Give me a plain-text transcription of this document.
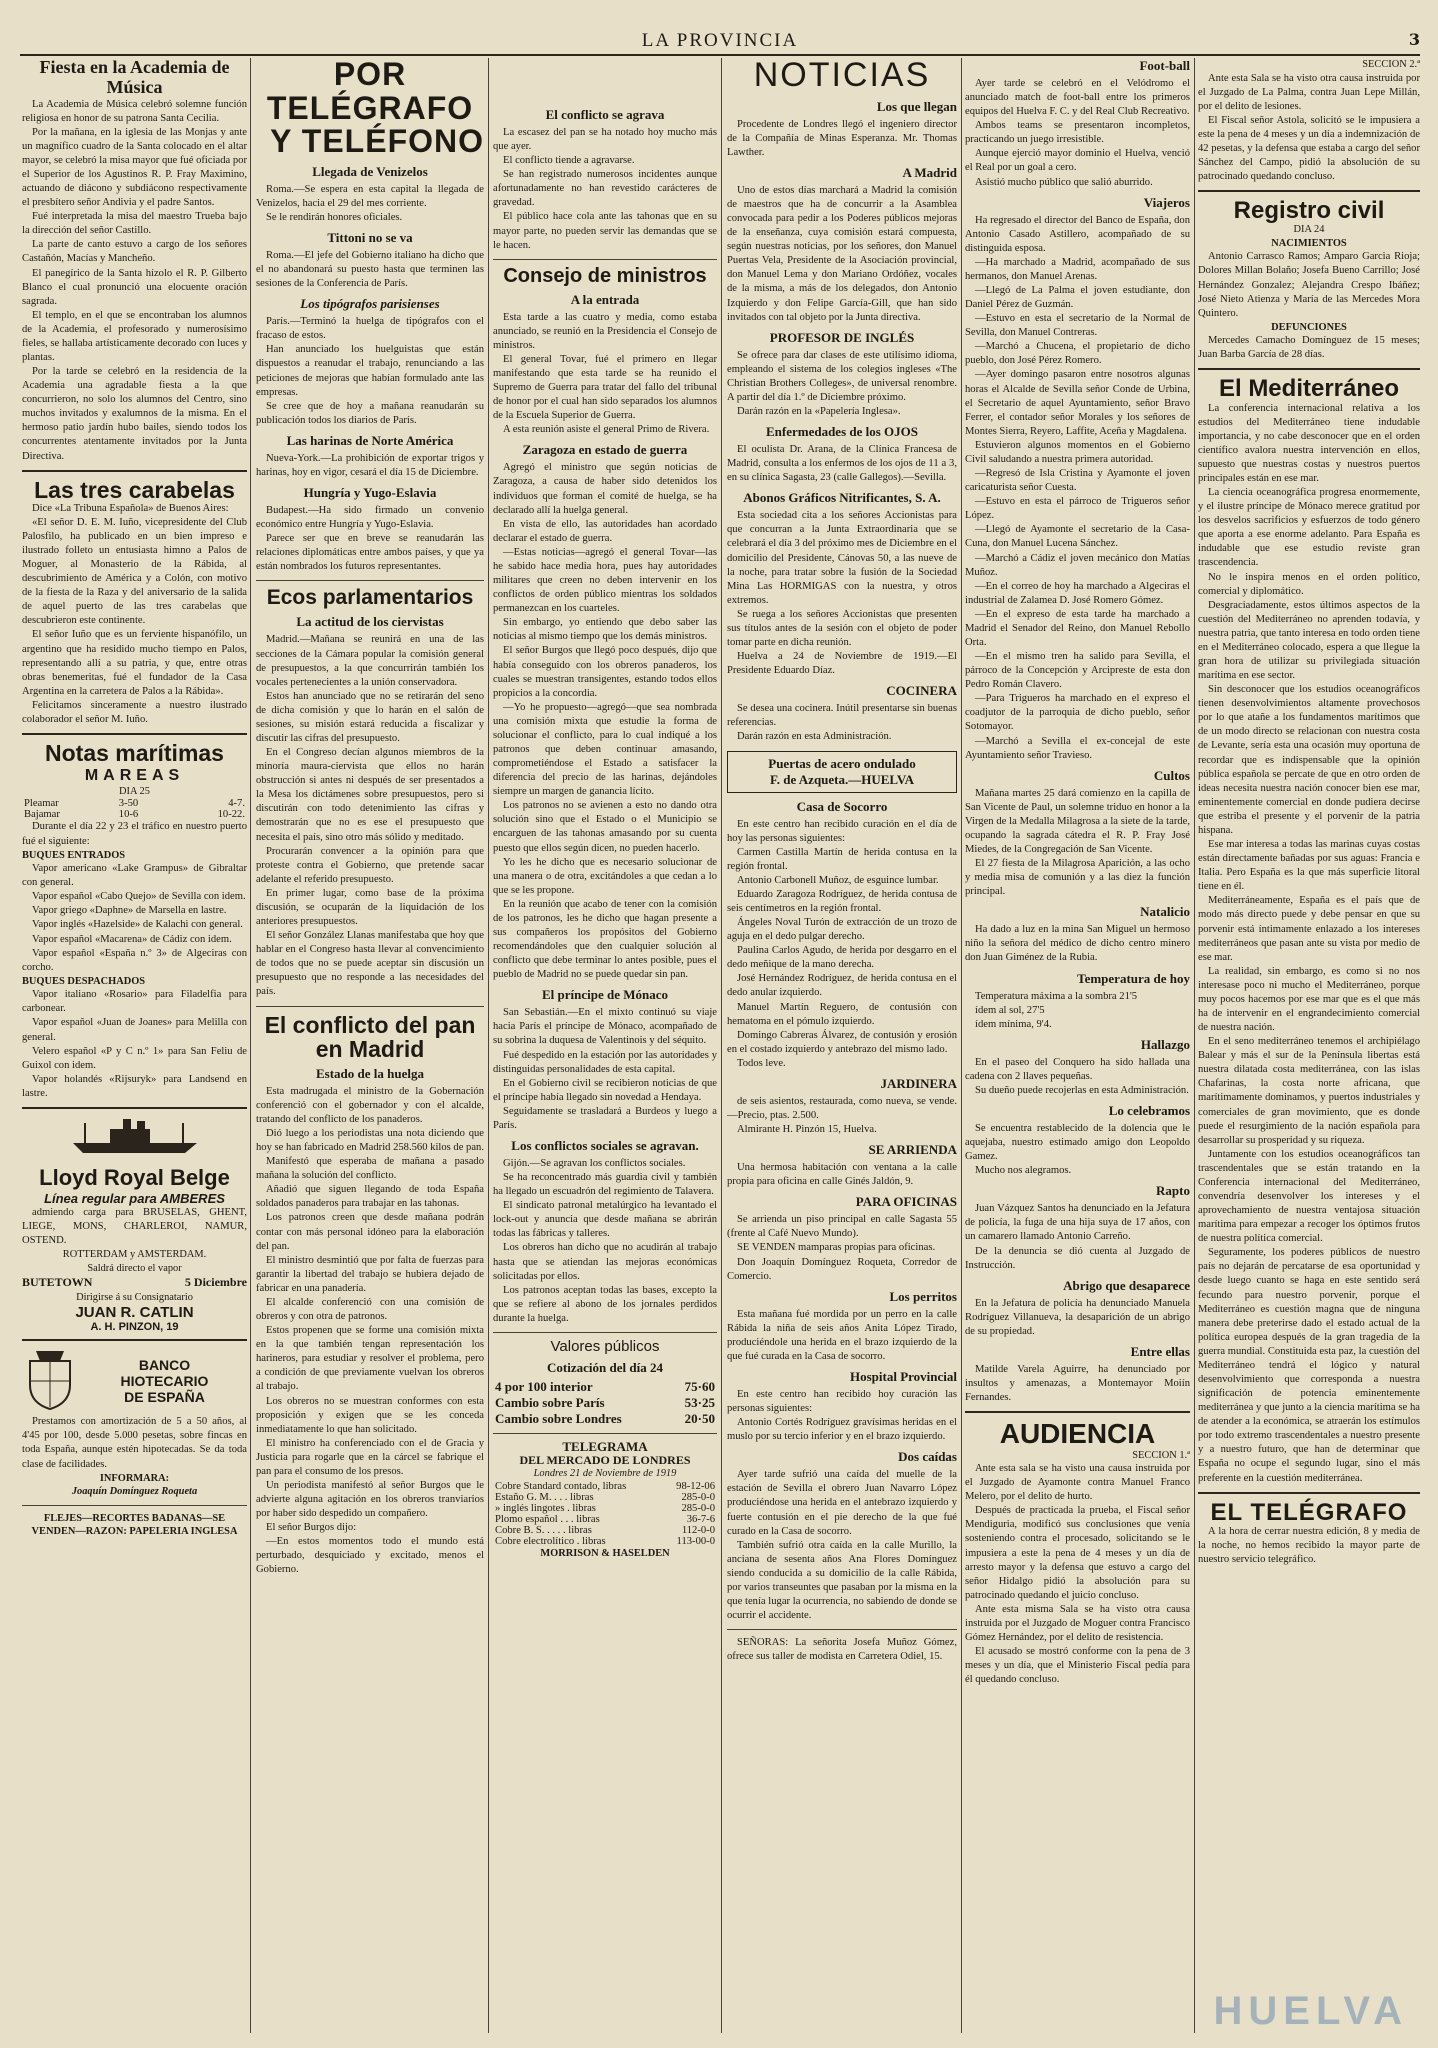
LA PROVINCIA	3
Fiesta en la Academia de Música

La Academia de Música celebró solemne función religiosa en honor de su patrona Santa Cecilia.

Por la mañana, en la iglesia de las Monjas y ante un magnífico cuadro de la Santa colocado en el altar mayor, se celebró la misa mayor que fué oficiada por el Superior de los Agustinos R. P. Fray Maximino, actuando de diácono y subdiácono respectivamente el presbítero señor Andivia y el padre Santos.

Fué interpretada la misa del maestro Trueba bajo la dirección del señor Castillo.

La parte de canto estuvo a cargo de los señores Castañón, Macías y Mancheño.

El panegírico de la Santa hízolo el R. P. Gilberto Blanco el cual pronunció una elocuente oración sagrada.

El templo, en el que se encontraban los alumnos de la Academia, el profesorado y numerosísimo fieles, se hallaba artísticamente decorado con luces y plantas.

Por la tarde se celebró en la residencia de la Academia una agradable fiesta a la que concurrieron, no solo los alumnos del Centro, sino muchos invitados y exalumnos de la misma. En el hermoso patio jardín hubo bailes, siendo todos los concurrentes atentamente invitados por la Junta Directiva.

Las tres carabelas

Dice «La Tribuna Española» de Buenos Aires:

«El señor D. E. M. Iuño, vicepresidente del Club Palosfilo, ha publicado en un bien impreso e ilustrado folleto un entusiasta himno a Palos de Moguer, al Monasterio de la Rábida, al descubrimiento de América y a Colón, con motivo de la fiesta de la Raza y del aniversario de la salida de aquel puerto de las tres carabelas que descubrieron este continente.

El señor Iuño que es un ferviente hispanófilo, un argentino que ha residido mucho tiempo en Palos, representando allí a su patria, y que, entre otras obras benemeritas, fué el fundador de la Casa Argentina en la carretera de Palos a la Rábida».

Felicitamos sinceramente a nuestro ilustrado colaborador el señor M. Iuño.

Notas marítimas
MAREAS
DIA 25
Pleamar	3-50	4-7.
Bajamar	10-6	10-22.

Durante el día 22 y 23 el tráfico en nuestro puerto fué el siguiente:

BUQUES ENTRADOS

Vapor americano «Lake Grampus» de Gibraltar con general.

Vapor español «Cabo Quejo» de Sevilla con idem.

Vapor griego «Daphne» de Marsella en lastre.

Vapor inglés «Hazelside» de Kalachi con general.

Vapor español «Macarena» de Cádiz con idem.

Vapor español «España n.º 3» de Algeciras con corcho.

BUQUES DESPACHADOS

Vapor italiano «Rosario» para Filadelfia para carbonear.

Vapor español «Juan de Joanes» para Melilla con general.

Velero español «P y C n.º 1» para San Feliu de Guixol con idem.

Vapor holandés «Rijsuryk» para Landsend en lastre.

Lloyd Royal Belge
Línea regular para AMBERES

admiendo carga para BRUSELAS, GHENT, LIEGE, MONS, CHARLEROI, NAMUR, OSTEND.

ROTTERDAM y AMSTERDAM.
Saldrá directo el vapor
BUTETOWN	5 Diciembre
Dirigirse á su Consignatario
JUAN R. CATLIN
A. H. PINZON, 19
BANCO
HIOTECARIO
DE ESPAÑA

Prestamos con amortización de 5 a 50 años, al 4'45 por 100, desde 5.000 pesetas, sobre fincas en toda España, aunque estén hipotecadas. Se da toda clase de facilidades.

INFORMARA:
Joaquín Domínguez Roqueta
FLEJES—RECORTES BADANAS—SE VENDEN—RAZON: PAPELERIA INGLESA
POR TELÉGRAFO
Y TELÉFONO
Llegada de Venizelos

Roma.—Se espera en esta capital la llegada de Venizelos, hacia el 29 del mes corriente.

Se le rendirán honores oficiales.

Tittoni no se va

Roma.—El jefe del Gobierno italiano ha dicho que el no abandonará su puesto hasta que terminen las sesiones de la Conferencia de París.

Los tipógrafos parisienses

París.—Terminó la huelga de tipógrafos con el fracaso de estos.

Han anunciado los huelguistas que están dispuestos a reanudar el trabajo, renunciando a las peticiones de mejoras que habían formulado ante las empresas.

Se cree que de hoy a mañana reanudarán su publicación todos los diarios de París.

Las harinas de Norte América

Nueva-York.—La prohibición de exportar trigos y harinas, hoy en vigor, cesará el día 15 de Diciembre.

Hungría y Yugo-Eslavia

Budapest.—Ha sido firmado un convenio económico entre Hungría y Yugo-Eslavia.

Parece ser que en breve se reanudarán las relaciones diplomáticas entre ambos países, y que ya están nombrados los futuros representantes.

Ecos parlamentarios
La actitud de los ciervistas

Madrid.—Mañana se reunirá en una de las secciones de la Cámara popular la comisión general de presupuestos, a la que concurrirán también los vocales pertenecientes a la unión conservadora.

Estos han anunciado que no se retirarán del seno de dicha comisión y que lo harán en el salón de sesiones, su misión estará reducida a fiscalizar y discutir las cifras del presupuesto.

En el Congreso decían algunos miembros de la minoría maura-ciervista que ellos no harán obstrucción si antes ni después de ser presentados a la Mesa los dictámenes sobre presupuestos, pero si discutirán con todo detenimiento las cifras y demostrarán que no es ese el presupuesto que necesita el país, sino otro más sólido y meditado.

Procurarán convencer a la opinión para que proteste contra el Gobierno, que pretende sacar adelante el referido presupuesto.

En primer lugar, como base de la próxima discusión, se ocuparán de la liquidación de los anteriores presupuestos.

El señor González Llanas manifestaba que hoy que hablar en el Congreso hasta llevar al convencimiento de todos que no se puede aceptar sin discusión un presupuesto que no responde a las necesidades del país.

El conflicto del pan en Madrid
Estado de la huelga

Esta madrugada el ministro de la Gobernación conferenció con el gobernador y con el alcalde, tratando del conflicto de los panaderos.

Dió luego a los periodistas una nota diciendo que hoy se han fabricado en Madrid 258.560 kilos de pan.

Manifestó que esperaba de mañana a pasado mañana la solución del conflicto.

Añadió que siguen llegando de toda España soldados panaderos para trabajar en las tahonas.

Los patronos creen que desde mañana podrán contar con más personal idóneo para la elaboración del pan.

El ministro desmintió que por falta de fuerzas para garantir la libertad del trabajo se hubiera dejado de fabricar en una panadería.

El alcalde conferenció con una comisión de obreros y con otra de patronos.

Estos propenen que se forme una comisión mixta en la que también tengan representación los harineros, para estudiar y resolver el problema, pero a condición de que previamente vuelvan los obreros al trabajo.

Los obreros no se muestran conformes con esta proposición y exigen que se les conceda inmediatamente lo que han solicitado.

El ministro ha conferenciado con el de Gracia y Justicia para rogarle que en la cárcel se fabrique el pan para el consumo de los presos.

Un periodista manifestó al señor Burgos que le advierte alguna agitación en los obreros tranviarios por haber sido despedido un compañero.

El señor Burgos dijo:

—En estos momentos todo el mundo está perturbado, desquiciado y excitado, menos el Gobierno.

El conflicto se agrava

La escasez del pan se ha notado hoy mucho más que ayer.

El conflicto tiende a agravarse.

Se han registrado numerosos incidentes aunque afortunadamente no han revestido carácteres de gravedad.

El público hace cola ante las tahonas que en su mayor parte, no pueden servir las demandas que se le hacen.

Consejo de ministros
A la entrada

Esta tarde a las cuatro y media, como estaba anunciado, se reunió en la Presidencia el Consejo de ministros.

El general Tovar, fué el primero en llegar manifestando que esta tarde se ha reunido el Supremo de Guerra para tratar del fallo del tribunal de honor por el cual han sido separados los alumnos de la Escuela Superior de Guerra.

A esta reunión asiste el general Primo de Rivera.

Zaragoza en estado de guerra

Agregó el ministro que según noticias de Zaragoza, a causa de haber sido detenidos los individuos que forman el comité de huelga, se ha declarado allí la huelga general.

En vista de ello, las autoridades han acordado declarar el estado de guerra.

—Estas noticias—agregó el general Tovar—las he sabido hace media hora, pues hay autoridades militares que creen no deben intervenir en los conflictos de orden público mientras los soldados permanezcan en los cuarteles.

Sin embargo, yo entiendo que debo saber las noticias al mismo tiempo que los demás ministros.

El señor Burgos que llegó poco después, dijo que había conseguido con los obreros panaderos, los cuales se muestran transigentes, estando todos ellos propicios a la concordia.

—Yo he propuesto—agregó—que sea nombrada una comisión mixta que estudie la forma de solucionar el conflicto, para lo cual indiqué a los patronos que deben continuar amasando, comprometiéndose el Estado a satisfacer la diferencia del precio de las harinas, dejándoles siempre un margen de ganancia lícito.

Los patronos no se avienen a esto no dando otra solución sino que el Estado o el Municipio se encarguen de las tahonas amasando por su cuenta puesto que ellos según dicen, no pueden hacerlo.

Yo les he dicho que es necesario solucionar de una manera o de otra, excitándoles a que cedan a lo que se les propone.

En la reunión que acabo de tener con la comisión de los patronos, les he dicho que hagan presente a sus compañeros los propósitos del Gobierno recomendándoles que den cualquier solución al conflicto que debe terminar lo antes posible, pues el pueblo de Madrid no se puede quedar sin pan.

El príncipe de Mónaco

San Sebastián.—En el mixto continuó su viaje hacia París el príncipe de Mónaco, acompañado de su sobrina la duquesa de Valentinois y del séquito.

Fué despedido en la estación por las autoridades y distinguidas personalidades de esta capital.

En el Gobierno civil se recibieron noticias de que el príncipe había llegado sin novedad a Hendaya.

Seguidamente se trasladará a Burdeos y luego a París.

Los conflictos sociales se agravan.

Gijón.—Se agravan los conflictos sociales.

Se ha reconcentrado más guardia civil y también ha llegado un escuadrón del regimiento de Talavera.

El sindicato patronal metalúrgico ha levantado el lock-out y anuncia que desde mañana se abrirán todas las fábricas y talleres.

Los obreros han dicho que no acudirán al trabajo hasta que se atiendan las mejoras económicas solicitadas por ellos.

Los patronos aceptan todas las bases, excepto la que se refiere al abono de los jornales perdidos durante la huelga.

Valores públicos
Cotización del día 24
4 por 100 interior	75·60
Cambio sobre París	53·25
Cambio sobre Londres	20·50
TELEGRAMA
DEL MERCADO DE LONDRES
Londres 21 de Noviembre de 1919
Cobre Standard contado, libras	98-12-06
Estaño G. M. . . . libras	285-0-0
» inglés lingotes . libras	285-0-0
Plomo español . . . libras	36-7-6
Cobre B. S. . . . . libras	112-0-0
Cobre electrolítico . libras	113-00-0
MORRISON & HASELDEN
NOTICIAS
Los que llegan

Procedente de Londres llegó el ingeniero director de la Compañía de Minas Esperanza. Mr. Thomas Lawther.

A Madrid

Uno de estos días marchará a Madrid la comisión de maestros que ha de concurrir a la Asamblea convocada para pedir a los Poderes públicos mejoras de la enseñanza, cuya comisión estará compuesta, según nuestras noticias, por los señores, don Manuel Puertas Vela, Presidente de la Asociación provincial, don Manuel Lema y don Mariano Ordóñez, vocales de la misma, a más de los delegados, don Antonio Izquierdo y don Felipe García-Gill, que han sido invitados con tal objeto por la Junta directiva.

PROFESOR DE INGLÉS

Se ofrece para dar clases de este utilísimo idioma, empleando el sistema de los colegios ingleses «The Christian Brothers Colleges», de universal renombre. A partir del día 1.º de Diciembre próximo.

Darán razón en la «Papelería Inglesa».

Enfermedades de los OJOS

El oculista Dr. Arana, de la Clínica Francesa de Madrid, consulta a los enfermos de los ojos de 11 a 3, en su clínica Sagasta, 23 (calle Gallegos).—Sevilla.

Abonos Gráficos Nitrificantes, S. A.

Esta sociedad cita a los señores Accionistas para que concurran a la Junta Extraordinaria que se celebrará el día 3 del próximo mes de Diciembre en el domicilio del Presidente, Cánovas 50, a las nueve de la noche, para tratar sobre la fusión de la Sociedad Mina Las HORMIGAS con la nuestra, y otros extremos.

Se ruega a los señores Accionistas que presenten sus títulos antes de la sesión con el objeto de poder tomar parte en dicha reunión.

Huelva a 24 de Noviembre de 1919.—El Presidente Eduardo Díaz.

COCINERA

Se desea una cocinera. Inútil presentarse sin buenas referencias.

Darán razón en esta Administración.

Puertas de acero ondulado
F. de Azqueta.—HUELVA
Casa de Socorro

En este centro han recibido curación en el día de hoy las personas siguientes:

Carmen Castilla Martín de herida contusa en la región frontal.

Antonio Carbonell Muñoz, de esguince lumbar.

Eduardo Zaragoza Rodríguez, de herida contusa de seis centímetros en la región frontal.

Ángeles Noval Turón de extracción de un trozo de aguja en el dedo pulgar derecho.

Paulina Carlos Agudo, de herida por desgarro en el dedo meñique de la mano derecha.

José Hernández Rodríguez, de herida contusa en el dedo anular izquierdo.

Manuel Martín Reguero, de contusión con hematoma en el pómulo izquierdo.

Domingo Cabreras Álvarez, de contusión y erosión en el costado izquierdo y antebrazo del mismo lado.

Todos leve.

JARDINERA

de seis asientos, restaurada, como nueva, se vende.—Precio, ptas. 2.500.

Almirante H. Pinzón 15, Huelva.

SE ARRIENDA

Una hermosa habitación con ventana a la calle propia para oficina en calle Ginés Jaldón, 9.

PARA OFICINAS

Se arrienda un piso principal en calle Sagasta 55 (frente al Café Nuevo Mundo).

SE VENDEN mamparas propias para oficinas.

Don Joaquín Domínguez Roqueta, Corredor de Comercio.

Los perritos

Esta mañana fué mordida por un perro en la calle Rábida la niña de seis años Anita López Tirado, produciéndole una herida en el brazo izquierdo de la que fué curada en la Casa de socorro.

Hospital Provincial

En este centro han recibido hoy curación las personas siguientes:

Antonio Cortés Rodríguez gravísimas heridas en el muslo por su tercio inferior y en el brazo izquierdo.

Dos caídas

Ayer tarde sufrió una caída del muelle de la estación de Sevilla el obrero Juan Navarro López produciéndose una herida en el antebrazo izquierdo y fuerte contusión en el pie derecho de la que fué curado en la Casa de socorro.

También sufrió otra caída en la calle Murillo, la anciana de sesenta años Ana Flores Domínguez siendo conducida a su domicilio de la calle Rábida, por varios transeuntes que pasaban por la misma en la que tenía lugar la ocurrencia, no sabiendo de donde se ocurrir el accidente.

SEÑORAS: La señorita Josefa Muñoz Gómez, ofrece sus taller de modista en Carretera Odiel, 15.

Foot-ball

Ayer tarde se celebró en el Velódromo el anunciado match de foot-ball entre los primeros equipos del Huelva F. C. y del Real Club Recreativo.

Ambos teams se presentaron incompletos, practicando un juego irresistible.

Aunque ejerció mayor dominio el Huelva, venció el Real por un goal a cero.

Asistió mucho público que salió aburrido.

Viajeros

Ha regresado el director del Banco de España, don Antonio Casado Astillero, acompañado de su distinguida esposa.

—Ha marchado a Madrid, acompañado de sus hermanos, don Manuel Arenas.

—Llegó de La Palma el joven estudiante, don Daniel Pérez de Guzmán.

—Estuvo en esta el secretario de la Normal de Sevilla, don Manuel Contreras.

—Marchó a Chucena, el propietario de dicho pueblo, don José Pérez Romero.

—Ayer domingo pasaron entre nosotros algunas horas el Alcalde de Sevilla señor Conde de Urbina, el Secretario de aquel Ayuntamiento, señor Bravo Ferrer, el contador señor Morales y los señores de Montes Sierra, Reyero, Laffite, Aceña y Magdalena.

Estuvieron algunos momentos en el Gobierno Civil saludando a nuestra primera autoridad.

—Regresó de Isla Cristina y Ayamonte el joven caricaturista señor Cuesta.

—Estuvo en esta el párroco de Trigueros señor López.

—Llegó de Ayamonte el secretario de la Casa-Cuna, don Manuel Lucena Sánchez.

—Marchó a Cádiz el joven mecánico don Matías Muñoz.

—En el correo de hoy ha marchado a Algeciras el industrial de Zalamea D. José Romero Gómez.

—En el expreso de esta tarde ha marchado a Madrid el Senador del Reino, don Manuel Rebollo Orta.

—En el mismo tren ha salido para Sevilla, el párroco de la Concepción y Arcipreste de esta don Pedro Román Clavero.

—Para Trigueros ha marchado en el expreso el coadjutor de la parroquia de dicho pueblo, señor Sotomayor.

—Marchó a Sevilla el ex-concejal de este Ayuntamiento señor Travieso.

Cultos

Mañana martes 25 dará comienzo en la capilla de San Vicente de Paul, un solemne triduo en honor a la Virgen de la Medalla Milagrosa a la siete de la tarde, ocupando la sagrada cátedra el R. P. Fray José Miedes, de la Congregación de San Vicente.

El 27 fiesta de la Milagrosa Aparición, a las ocho y media misa de comunión y a las diez la función principal.

Natalicio

Ha dado a luz en la mina San Miguel un hermoso niño la señora del médico de dicho centro minero don Juan Giménez de la Rubia.

Temperatura de hoy

Temperatura máxima a la sombra 21'5

ídem al sol, 27'5

ídem mínima, 9'4.

Hallazgo

En el paseo del Conquero ha sido hallada una cadena con 2 llaves pequeñas.

Su dueño puede recojerlas en esta Administración.

Lo celebramos

Se encuentra restablecido de la dolencia que le aquejaba, nuestro estimado amigo don Leopoldo Gamez.

Mucho nos alegramos.

Rapto

Juan Vázquez Santos ha denunciado en la Jefatura de policía, la fuga de una hija suya de 17 años, con un camarero llamado Antonio Carreño.

De la denuncia se dió cuenta al Juzgado de Instrucción.

Abrigo que desaparece

En la Jefatura de policía ha denunciado Manuela Rodríguez Villanueva, la desaparición de un abrigo de su propiedad.

Entre ellas

Matilde Varela Aguirre, ha denunciado por insultos y amenazas, a Montemayor Moiín Fernandes.

AUDIENCIA
SECCION 1.ª

Ante esta sala se ha visto una causa instruida por el Juzgado de Ayamonte contra Manuel Franco Melero, por el delito de hurto.

Después de practicada la prueba, el Fiscal señor Mendiguria, modificó sus conclusiones que venía sosteniendo contra el procesado, solicitando se le impusiera a este la pena de 4 meses y un día de arresto mayor y la defensa que estuvo a cargo del señor Hidalgo pidió la absolución para su patrocinado quedando el juicio concluso.

Ante esta misma Sala se ha visto otra causa instruida por el Juzgado de Moguer contra Francisco Gómez Hernández, por el delito de resistencia.

El acusado se mostró conforme con la pena de 3 meses y un día, que el Ministerio Fiscal pedía para él quedando concluso.

SECCION 2.ª

Ante esta Sala se ha visto otra causa instruida por el Juzgado de La Palma, contra Juan Lepe Millán, por el delito de lesiones.

El Fiscal señor Astola, solicitó se le impusiera a este la pena de 4 meses y un día a indemnización de 42 pesetas, y la defensa que estaba a cargo del señor Sánchez del Campo, pidió la absolución de su patrocinado quedando concluso.

Registro civil
DIA 24
NACIMIENTOS

Antonio Carrasco Ramos; Amparo Garcia Rioja; Dolores Millan Bolaño; Josefa Bueno Carrillo; José Hernández Gonzalez; Alejandra Crespo Ibáñez; José Nieto Atienza y María de las Mercedes Mora Quintero.

DEFUNCIONES

Mercedes Camacho Domínguez de 15 meses; Juan Barba García de 28 días.

El Mediterráneo

La conferencia internacional relativa a los estudios del Mediterráneo tiene indudable importancia, y no cabe desconocer que en el orden científico avalora nuestra intervención en ellos, supuesto que nuestras costas y nuestros puertos principales están en ese mar.

La ciencia oceanográfica progresa enormemente, y el ilustre príncipe de Mónaco merece gratitud por los desvelos sacrificios y esfuerzos de todo género que aporta a ese enorme adelanto. Para España es indudable que ese estudio reviste gran trascendencia.

No le inspira menos en el orden político, comercial y diplomático.

Desgraciadamente, estos últimos aspectos de la cuestión del Mediterráneo no aprenden todavía, y nuestra patria, que tanto interesa en todo orden tiene en el Mediterráneo colocado, espera a que llegue la gran hora de utilizar su privilegiada situación marítima en ese sector.

Sin desconocer que los estudios oceanográficos tienen desenvolvimientos altamente provechosos por lo que atañe a los fundamentos marítimos que de un modo directo se relacionan con nuestra costa de Levante, sería esta una ocasión muy oportuna de recordar que es indispensable que la opinión pública española se percate de que en otro orden de ideas necesita nuestra nación conocer bien ese mar, eminentemente comercial en donde pudiera decirse que estriba el presente y el porvenir de la patria hispana.

Ese mar interesa a todas las marinas cuyas costas están directamente bañadas por sus aguas: Francia e Italia. Pero España es la que más superficie litoral tiene en él.

Mediterráneamente, España es el país que de modo más directo puede y debe pensar en que su porvenir está íntimamente enlazado a los intereses mediterráneos que pasan ante su vista por medio de ese mar.

La realidad, sin embargo, es como si no nos interesase poco ni mucho el Mediterráneo, porque muy pocos hacemos por ese mar que es el que más ha de intervenir en el engrandecimiento comercial de nuestra nación.

En el seno mediterráneo tenemos el archipiélago Balear y más el sur de la Península libertas está nuestra dilatada costa mediterránea, con las islas Chafarinas, la costa norte africana, que marítimamente dominamos, y puertos industriales y comerciales de gran movimiento, que es donde puede el resurgimiento de la nación española para desarrollar su prosperidad y su riqueza.

Juntamente con los estudios oceanográficos tan trascendentales que se están tratando en la Conferencia internacional del Mediterráneo, convendría desenvolver los intereses y el aprovechamiento de nuestra ventajosa situación marítima para empezar a recoger los óptimos frutos de nuestra política comercial.

Seguramente, los poderes públicos de nuestro país no dejarán de percatarse de esa oportunidad y desde luego cuanto se haga en este sentido será fecundo para nuestro porvenir, porque el Mediterráneo es cuestión magna que de ninguna manera debe preterirse dado el estado actual de la política europea después de la gran tragedia de la guerra mundial. Constituida esta paz, la cuestión del Mediterráneo tendrá el lógico y natural desenvolvimiento que corresponda a nuestra significación de potencia eminentemente mediterránea y que junto a la ciencia marítima se ha de atender a la económica, se atraerán los estímulos por todo extremo trascendentales a nuestro presente y a nuestro futuro, que han de determinar que España no ocupe el segundo lugar, sino el más preferente en la cuestión mediterránea.

EL TELÉGRAFO

A la hora de cerrar nuestra edición, 8 y media de la noche, no hemos recibido la mayor parte de nuestro servicio telegráfico.

HUELVA
